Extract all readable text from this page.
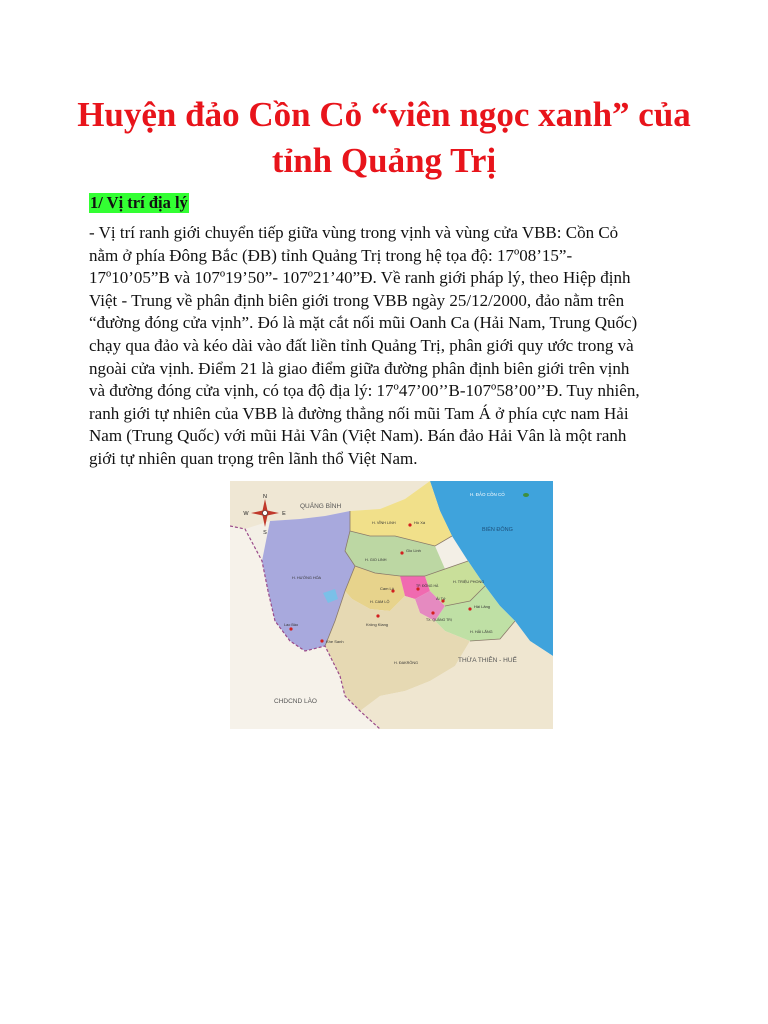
Huyện đảo Cồn Cỏ “viên ngọc xanh” của tỉnh Quảng Trị
1/ Vị trí địa lý
- Vị trí ranh giới chuyển tiếp giữa vùng trong vịnh và vùng cửa VBB: Cồn Cỏ
nằm ở phía Đông Bắc (ĐB) tỉnh Quảng Trị trong hệ tọa độ: 17º08’15”-
17º10’05”B và 107º19’50”- 107º21’40”Đ. Về ranh giới pháp lý, theo Hiệp định
Việt - Trung về phân định biên giới trong VBB ngày 25/12/2000, đảo nằm trên
“đường đóng cửa vịnh”. Đó là mặt cắt nối mũi Oanh Ca (Hải Nam, Trung Quốc)
chạy qua đảo và kéo dài vào đất liền tỉnh Quảng Trị, phân giới quy ước trong và
ngoài cửa vịnh. Điểm 21 là giao điểm giữa đường phân định biên giới trên vịnh
và đường đóng cửa vịnh, có tọa độ địa lý: 17º47’00’’B-107º58’00’’Đ. Tuy nhiên,
ranh giới tự nhiên của VBB là đường thẳng nối mũi Tam Á ở phía cực nam Hải
Nam (Trung Quốc) với mũi Hải Vân (Việt Nam). Bán đảo Hải Vân là một ranh
giới tự nhiên quan trọng trên lãnh thổ Việt Nam.
N
S
E
W
QUẢNG BÌNH
H. ĐẢO CỒN CỎ
BIỂN ĐÔNG
H. VĨNH LINH	Hồ Xá
Gio Linh
H. GIO LINH
H. HƯỚNG HÓA
Cam Lộ
H. CAM LỘ
TP. ĐÔNG HÀ
H. TRIỆU PHONG
Ái Tử
TX. QUẢNG TRỊ
Hải Lăng
H. HẢI LĂNG
Krông Klang
Khe Sanh
Lao Bảo
H. ĐAKRÔNG	THỪA THIÊN - HUẾ
CHDCND LÀO
